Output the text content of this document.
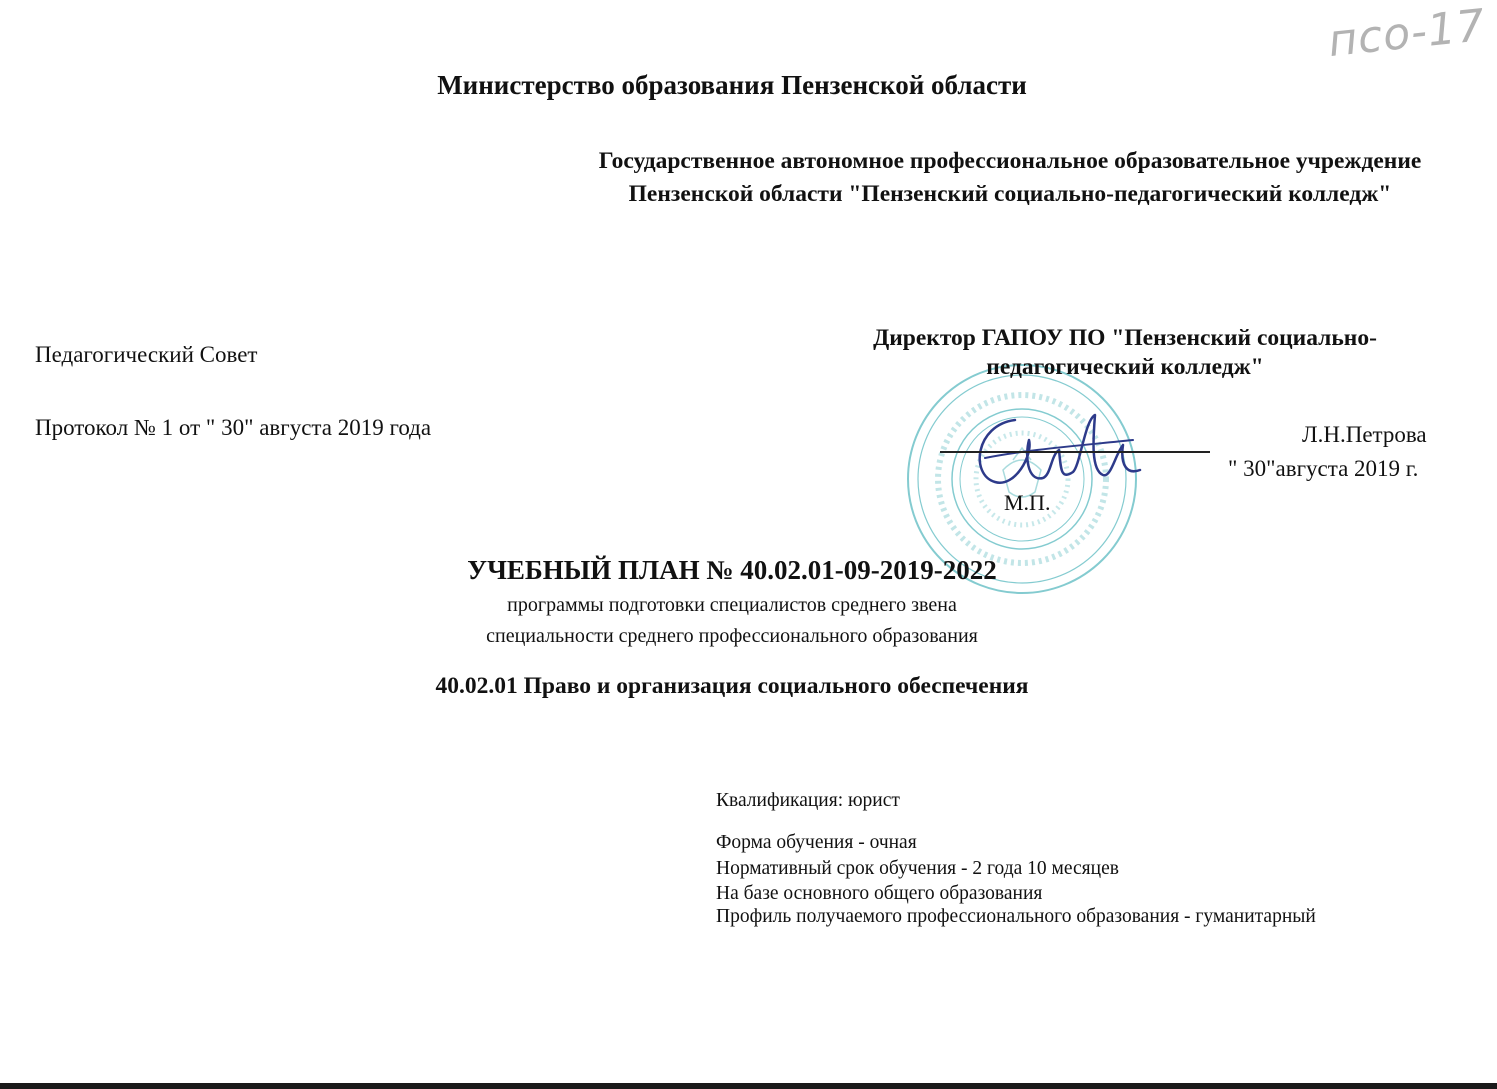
псо-17
Министерство образования Пензенской области
Государственное автономное профессиональное образовательное учреждение Пензенской области "Пензенский социально-педагогический колледж"
Педагогический Совет
Протокол № 1 от " 30" августа 2019 года
Директор ГАПОУ ПО "Пензенский социально-педагогический колледж"
Л.Н.Петрова
" 30"августа 2019 г.
М.П.
УЧЕБНЫЙ ПЛАН № 40.02.01-09-2019-2022
программы подготовки специалистов среднего звена
специальности среднего профессионального образования
40.02.01 Право и организация социального обеспечения
Квалификация: юрист
Форма обучения - очная
Нормативный срок обучения - 2 года 10 месяцев
На базе основного общего образования
Профиль получаемого профессионального образования - гуманитарный
